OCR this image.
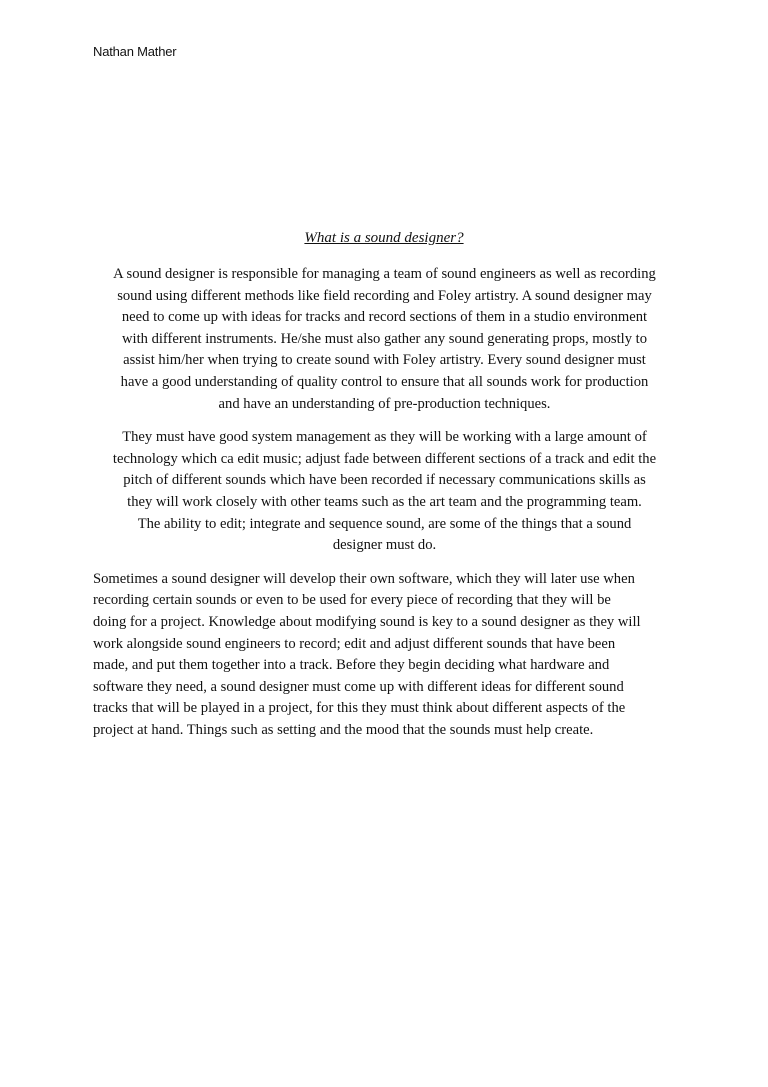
Nathan Mather
What is a sound designer?
A sound designer is responsible for managing a team of sound engineers as well as recording
sound using different methods like field recording and Foley artistry. A sound designer may
need to come up with ideas for tracks and record sections of them in a studio environment
with different instruments. He/she must also gather any sound generating props, mostly to
assist him/her when trying to create sound with Foley artistry. Every sound designer must
have a good understanding of quality control to ensure that all sounds work for production
and have an understanding of pre-production techniques.
They must have good system management as they will be working with a large amount of
technology which ca edit music; adjust fade between different sections of a track and edit the
pitch of different sounds which have been recorded if necessary communications skills as
they will work closely with other teams such as the art team and the programming team.
The ability to edit; integrate and sequence sound, are some of the things that a sound
designer must do.
Sometimes a sound designer will develop their own software, which they will later use when
recording certain sounds or even to be used for every piece of recording that they will be
doing for a project. Knowledge about modifying sound is key to a sound designer as they will
work alongside sound engineers to record; edit and adjust different sounds that have been
made, and put them together into a track. Before they begin deciding what hardware and
software they need, a sound designer must come up with different ideas for different sound
tracks that will be played in a project, for this they must think about different aspects of the
project at hand. Things such as setting and the mood that the sounds must help create.
